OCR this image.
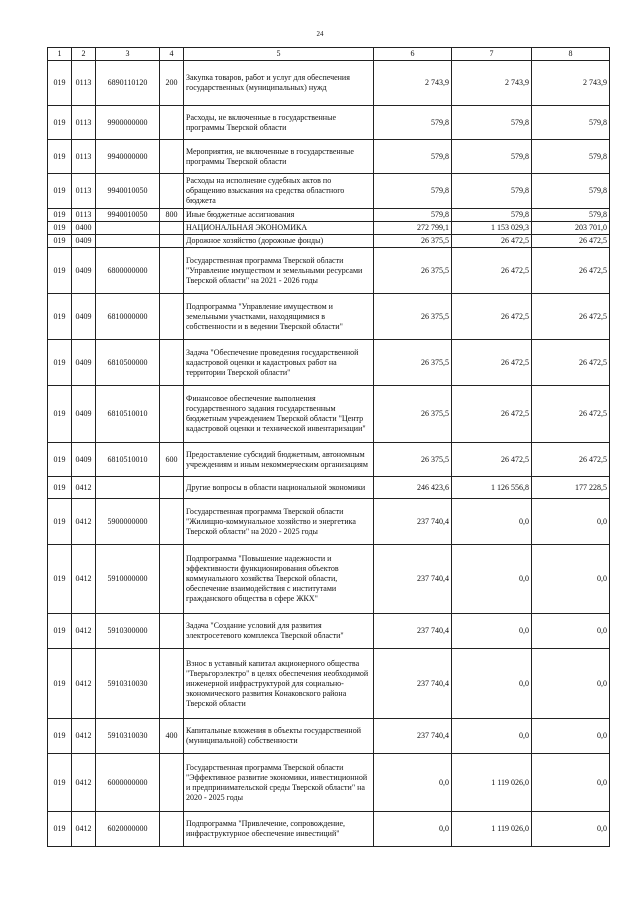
24
1	2	3	4	5	6	7	8
019	0113	6890110120	200	Закупка товаров, работ и услуг для обеспечения государственных (муниципальных) нужд	2 743,9	2 743,9	2 743,9
019	0113	9900000000		Расходы, не включенные в государственные программы Тверской области	579,8	579,8	579,8
019	0113	9940000000		Мероприятия, не включенные в государственные программы Тверской области	579,8	579,8	579,8
019	0113	9940010050		Расходы на исполнение судебных актов по обращению взыскания на средства областного бюджета	579,8	579,8	579,8
019	0113	9940010050	800	Иные бюджетные ассигнования	579,8	579,8	579,8
019	0400			НАЦИОНАЛЬНАЯ ЭКОНОМИКА	272 799,1	1 153 029,3	203 701,0
019	0409			Дорожное хозяйство (дорожные фонды)	26 375,5	26 472,5	26 472,5
019	0409	6800000000		Государственная программа Тверской области "Управление имуществом и земельными ресурсами Тверской области" на 2021 - 2026 годы	26 375,5	26 472,5	26 472,5
019	0409	6810000000		Подпрограмма "Управление имуществом и земельными участками, находящимися в собственности и в ведении Тверской области"	26 375,5	26 472,5	26 472,5
019	0409	6810500000		Задача "Обеспечение проведения государственной кадастровой оценки и кадастровых работ на территории Тверской области"	26 375,5	26 472,5	26 472,5
019	0409	6810510010		Финансовое обеспечение выполнения государственного задания государственным бюджетным учреждением Тверской области "Центр кадастровой оценки и технической инвентаризации"	26 375,5	26 472,5	26 472,5
019	0409	6810510010	600	Предоставление субсидий бюджетным, автономным учреждениям и иным некоммерческим организациям	26 375,5	26 472,5	26 472,5
019	0412			Другие вопросы в области национальной экономики	246 423,6	1 126 556,8	177 228,5
019	0412	5900000000		Государственная программа Тверской области "Жилищно-коммунальное хозяйство и энергетика Тверской области" на 2020 - 2025 годы	237 740,4	0,0	0,0
019	0412	5910000000		Подпрограмма "Повышение надежности и эффективности функционирования объектов коммунального хозяйства Тверской области, обеспечение взаимодействия с институтами гражданского общества в сфере ЖКХ"	237 740,4	0,0	0,0
019	0412	5910300000		Задача "Создание условий для развития электросетевого комплекса Тверской области"	237 740,4	0,0	0,0
019	0412	5910310030		Взнос в уставный капитал акционерного общества "Тверьгорэлектро" в целях обеспечения необходимой инженерной инфраструктурой для социально-экономического развития Конаковского района Тверской области	237 740,4	0,0	0,0
019	0412	5910310030	400	Капитальные вложения в объекты государственной (муниципальной) собственности	237 740,4	0,0	0,0
019	0412	6000000000		Государственная программа Тверской области "Эффективное развитие экономики, инвестиционной и предпринимательской среды Тверской области" на 2020 - 2025 годы	0,0	1 119 026,0	0,0
019	0412	6020000000		Подпрограмма "Привлечение, сопровождение, инфраструктурное обеспечение инвестиций"	0,0	1 119 026,0	0,0
